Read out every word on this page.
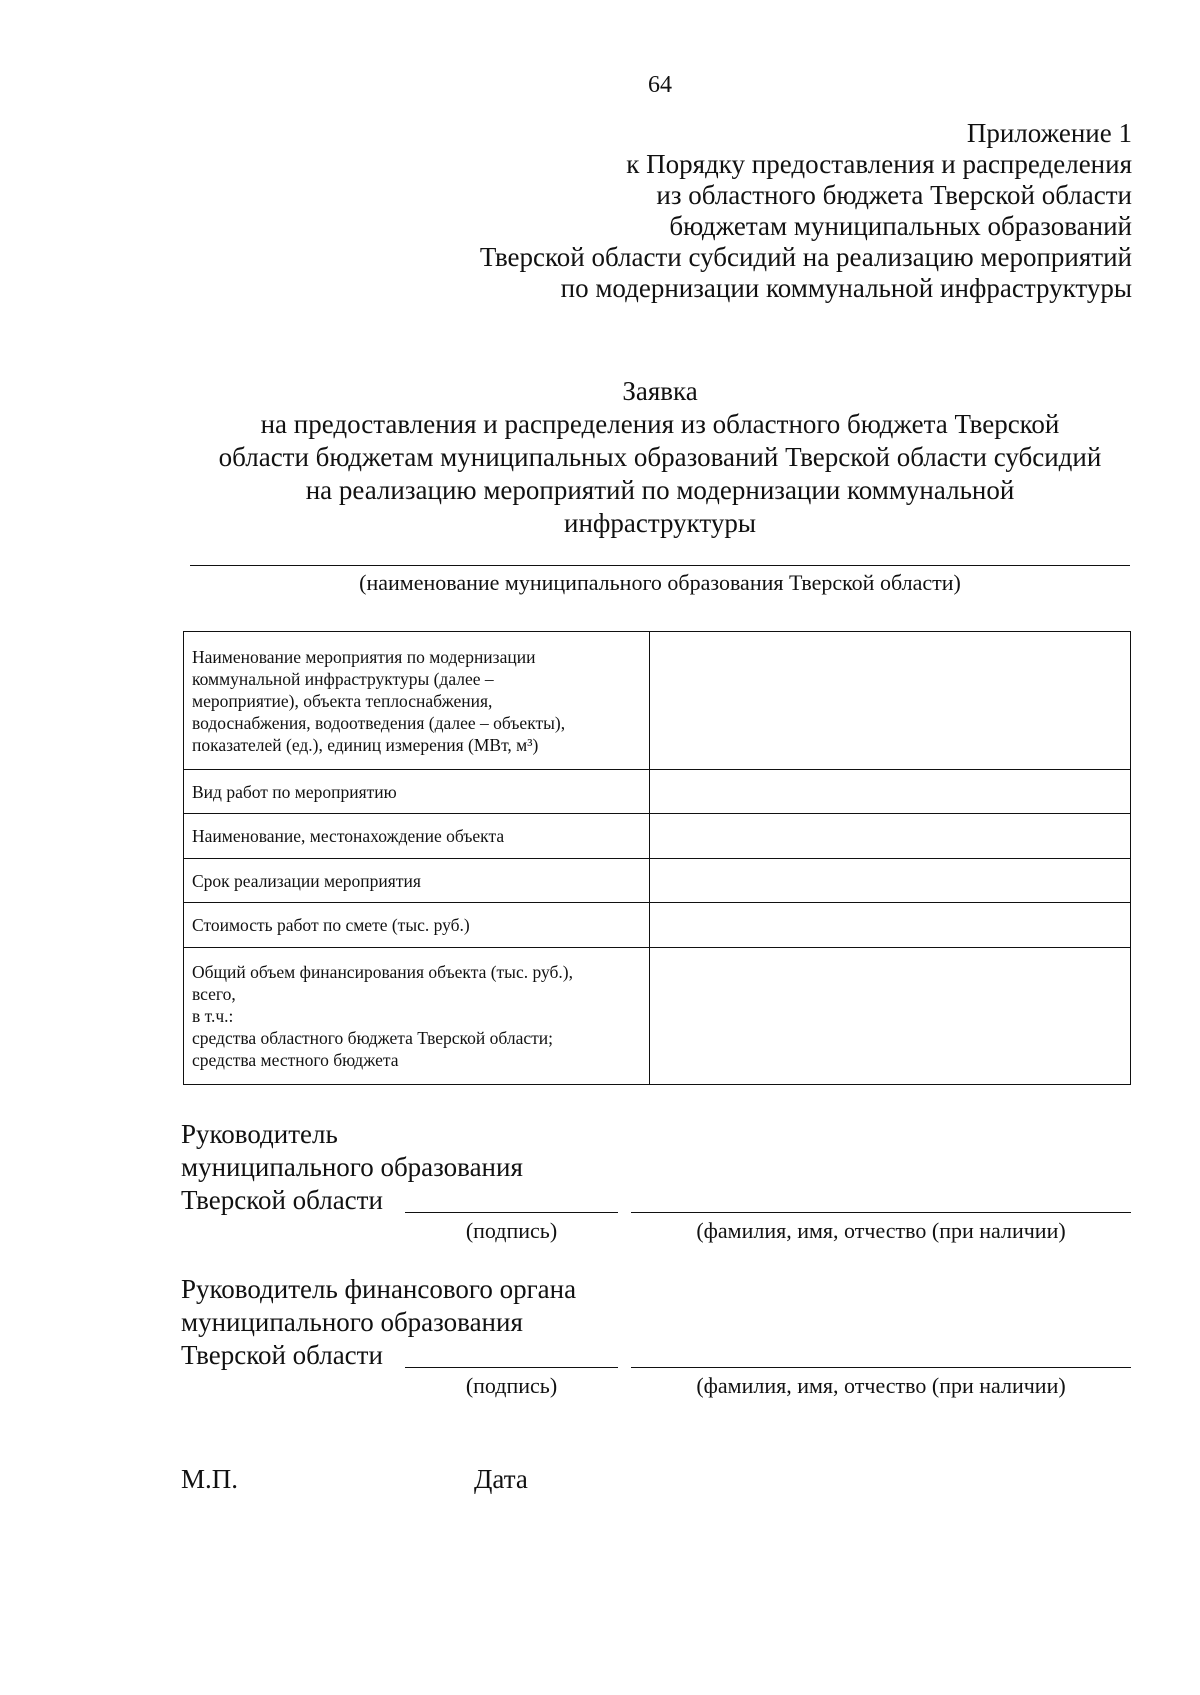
64
Приложение 1
к Порядку предоставления и распределения
из областного бюджета Тверской области
бюджетам муниципальных образований
Тверской области субсидий на реализацию мероприятий
по модернизации коммунальной инфраструктуры
Заявка
на предоставления и распределения из областного бюджета Тверской
области бюджетам муниципальных образований Тверской области субсидий
на реализацию мероприятий по модернизации коммунальной
инфраструктуры
(наименование муниципального образования Тверской области)
Наименование мероприятия по модернизации
коммунальной инфраструктуры (далее –
мероприятие), объекта теплоснабжения,
водоснабжения, водоотведения (далее – объекты),
показателей (ед.), единиц измерения (МВт, м³)	

Вид работ по мероприятию	

Наименование, местонахождение объекта	

Срок реализации мероприятия	

Стоимость работ по смете (тыс. руб.)	

Общий объем финансирования объекта (тыс. руб.),
всего,
в т.ч.:
средства областного бюджета Тверской области;
средства местного бюджета	

Руководитель
муниципального образования
Тверской области
(подпись)	(фамилия, имя, отчество (при наличии)
Руководитель финансового органа
муниципального образования
Тверской области
(подпись)	(фамилия, имя, отчество (при наличии)
М.П.	Дата
